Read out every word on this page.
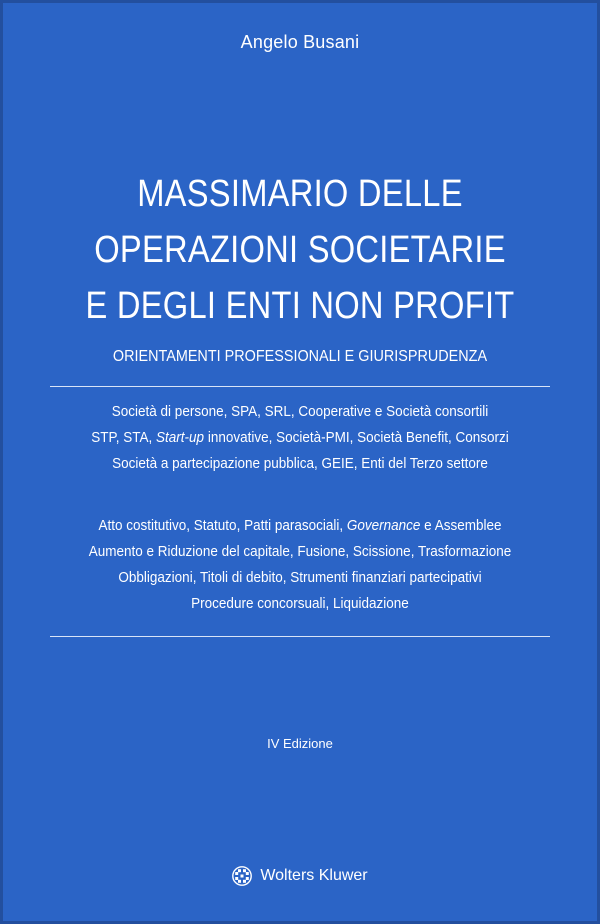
Angelo Busani
MASSIMARIO DELLE
OPERAZIONI SOCIETARIE
E DEGLI ENTI NON PROFIT
ORIENTAMENTI PROFESSIONALI E GIURISPRUDENZA
Società di persone, SPA, SRL, Cooperative e Società consortili
STP, STA, Start-up innovative, Società-PMI, Società Benefit, Consorzi
Società a partecipazione pubblica, GEIE, Enti del Terzo settore
Atto costitutivo, Statuto, Patti parasociali, Governance e Assemblee
Aumento e Riduzione del capitale, Fusione, Scissione, Trasformazione
Obbligazioni, Titoli di debito, Strumenti finanziari partecipativi
Procedure concorsuali, Liquidazione
IV Edizione
Wolters Kluwer
